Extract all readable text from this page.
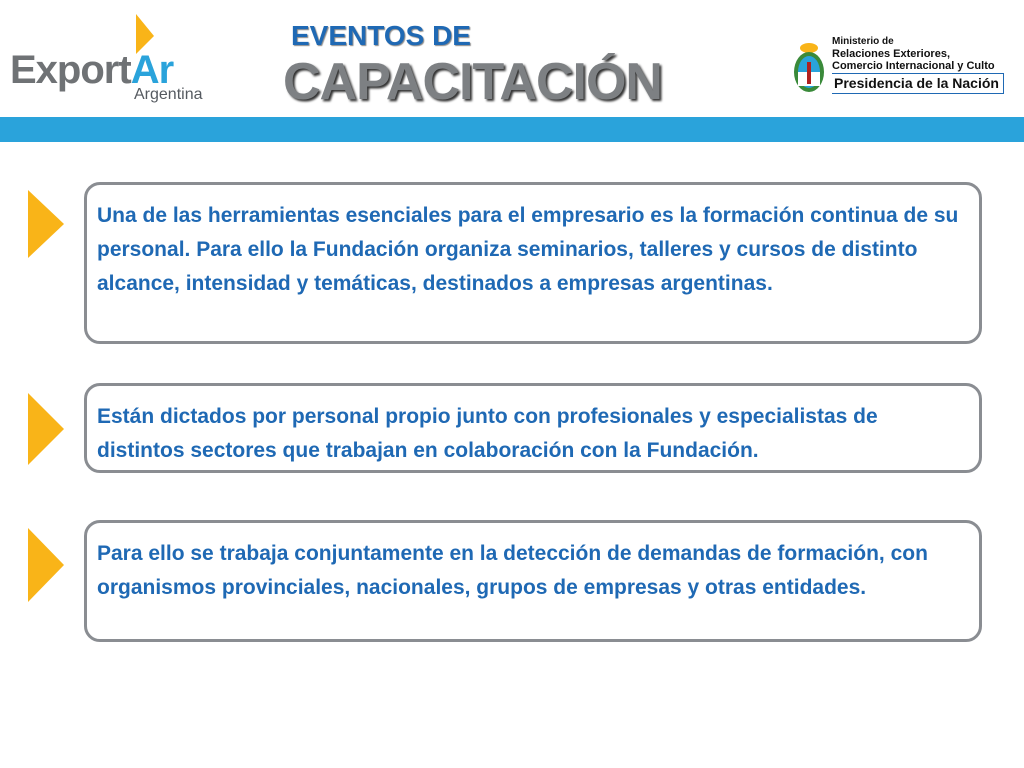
ExportAr
Argentina
EVENTOS DE
CAPACITACIÓN
Ministerio de
Relaciones Exteriores,
Comercio Internacional y Culto
Presidencia de la Nación
Una de las herramientas esenciales para el empresario es la formación continua de su personal. Para ello la Fundación organiza seminarios, talleres y cursos de distinto alcance, intensidad y temáticas, destinados a empresas argentinas.
Están dictados por personal propio junto con profesionales y especialistas de distintos sectores que trabajan en colaboración con la Fundación.
Para ello se trabaja conjuntamente en la detección de demandas de formación, con organismos provinciales, nacionales, grupos de empresas y otras entidades.
